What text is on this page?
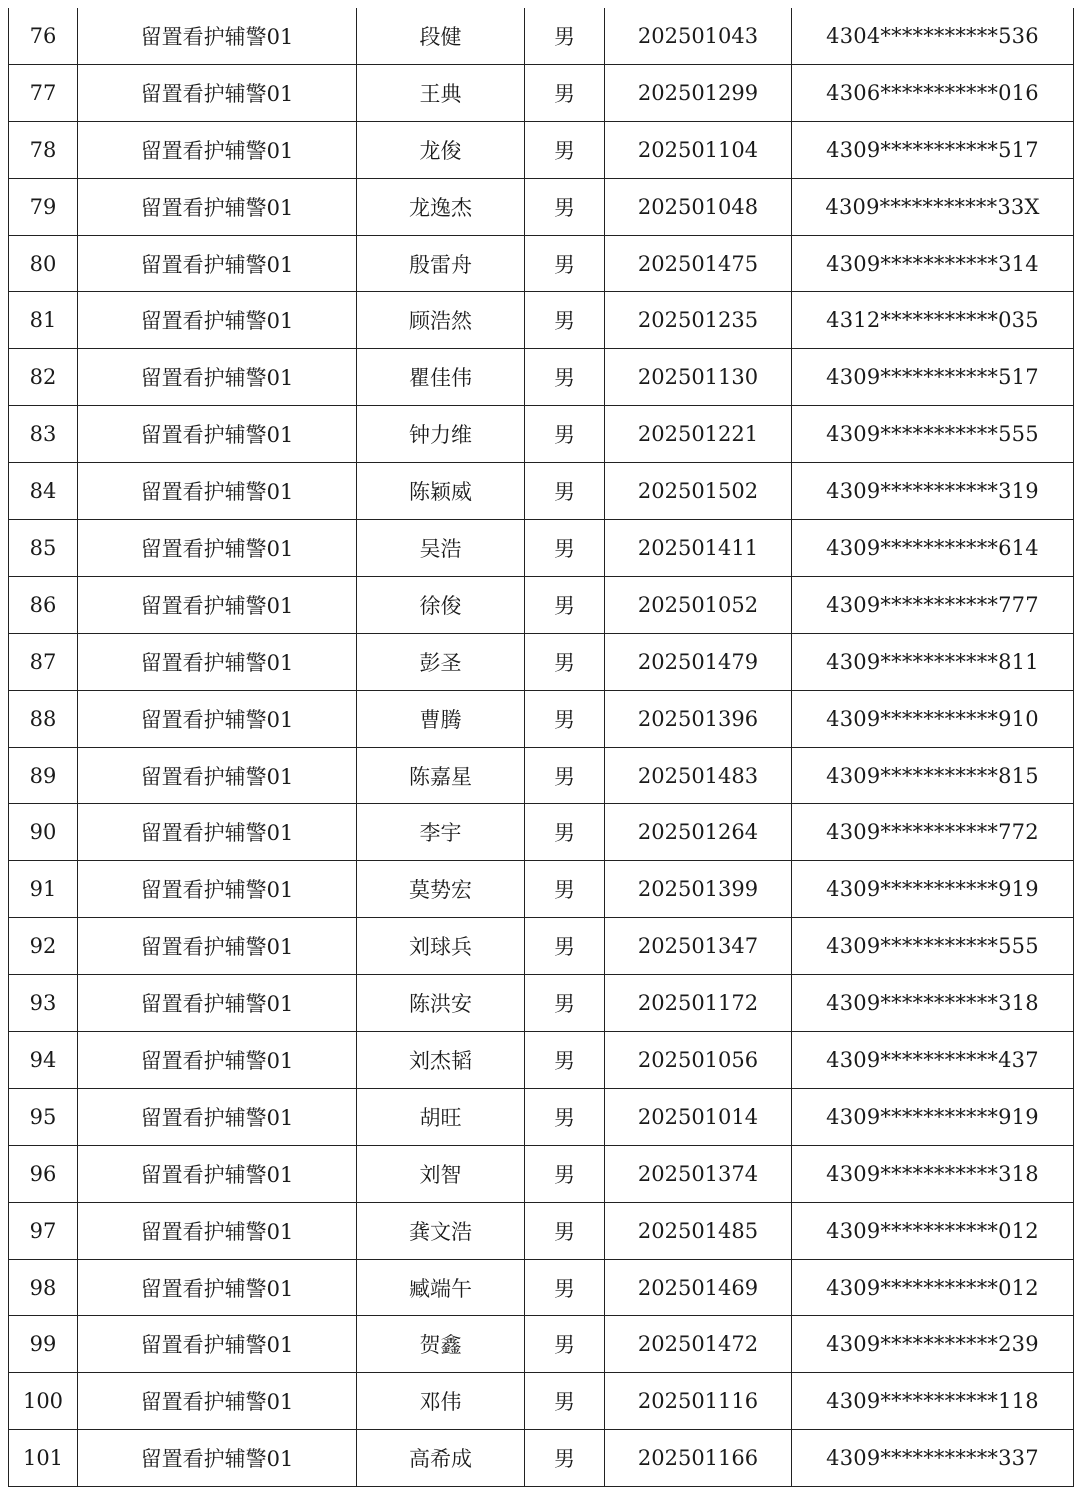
76	留置看护辅警01	段健	男	202501043	4304***********536
77	留置看护辅警01	王典	男	202501299	4306***********016
78	留置看护辅警01	龙俊	男	202501104	4309***********517
79	留置看护辅警01	龙逸杰	男	202501048	4309***********33X
80	留置看护辅警01	殷雷舟	男	202501475	4309***********314
81	留置看护辅警01	顾浩然	男	202501235	4312***********035
82	留置看护辅警01	瞿佳伟	男	202501130	4309***********517
83	留置看护辅警01	钟力维	男	202501221	4309***********555
84	留置看护辅警01	陈颖威	男	202501502	4309***********319
85	留置看护辅警01	吴浩	男	202501411	4309***********614
86	留置看护辅警01	徐俊	男	202501052	4309***********777
87	留置看护辅警01	彭圣	男	202501479	4309***********811
88	留置看护辅警01	曹腾	男	202501396	4309***********910
89	留置看护辅警01	陈嘉星	男	202501483	4309***********815
90	留置看护辅警01	李宇	男	202501264	4309***********772
91	留置看护辅警01	莫势宏	男	202501399	4309***********919
92	留置看护辅警01	刘球兵	男	202501347	4309***********555
93	留置看护辅警01	陈洪安	男	202501172	4309***********318
94	留置看护辅警01	刘杰韬	男	202501056	4309***********437
95	留置看护辅警01	胡旺	男	202501014	4309***********919
96	留置看护辅警01	刘智	男	202501374	4309***********318
97	留置看护辅警01	龚文浩	男	202501485	4309***********012
98	留置看护辅警01	臧端午	男	202501469	4309***********012
99	留置看护辅警01	贺鑫	男	202501472	4309***********239
100	留置看护辅警01	邓伟	男	202501116	4309***********118
101	留置看护辅警01	高希成	男	202501166	4309***********337
